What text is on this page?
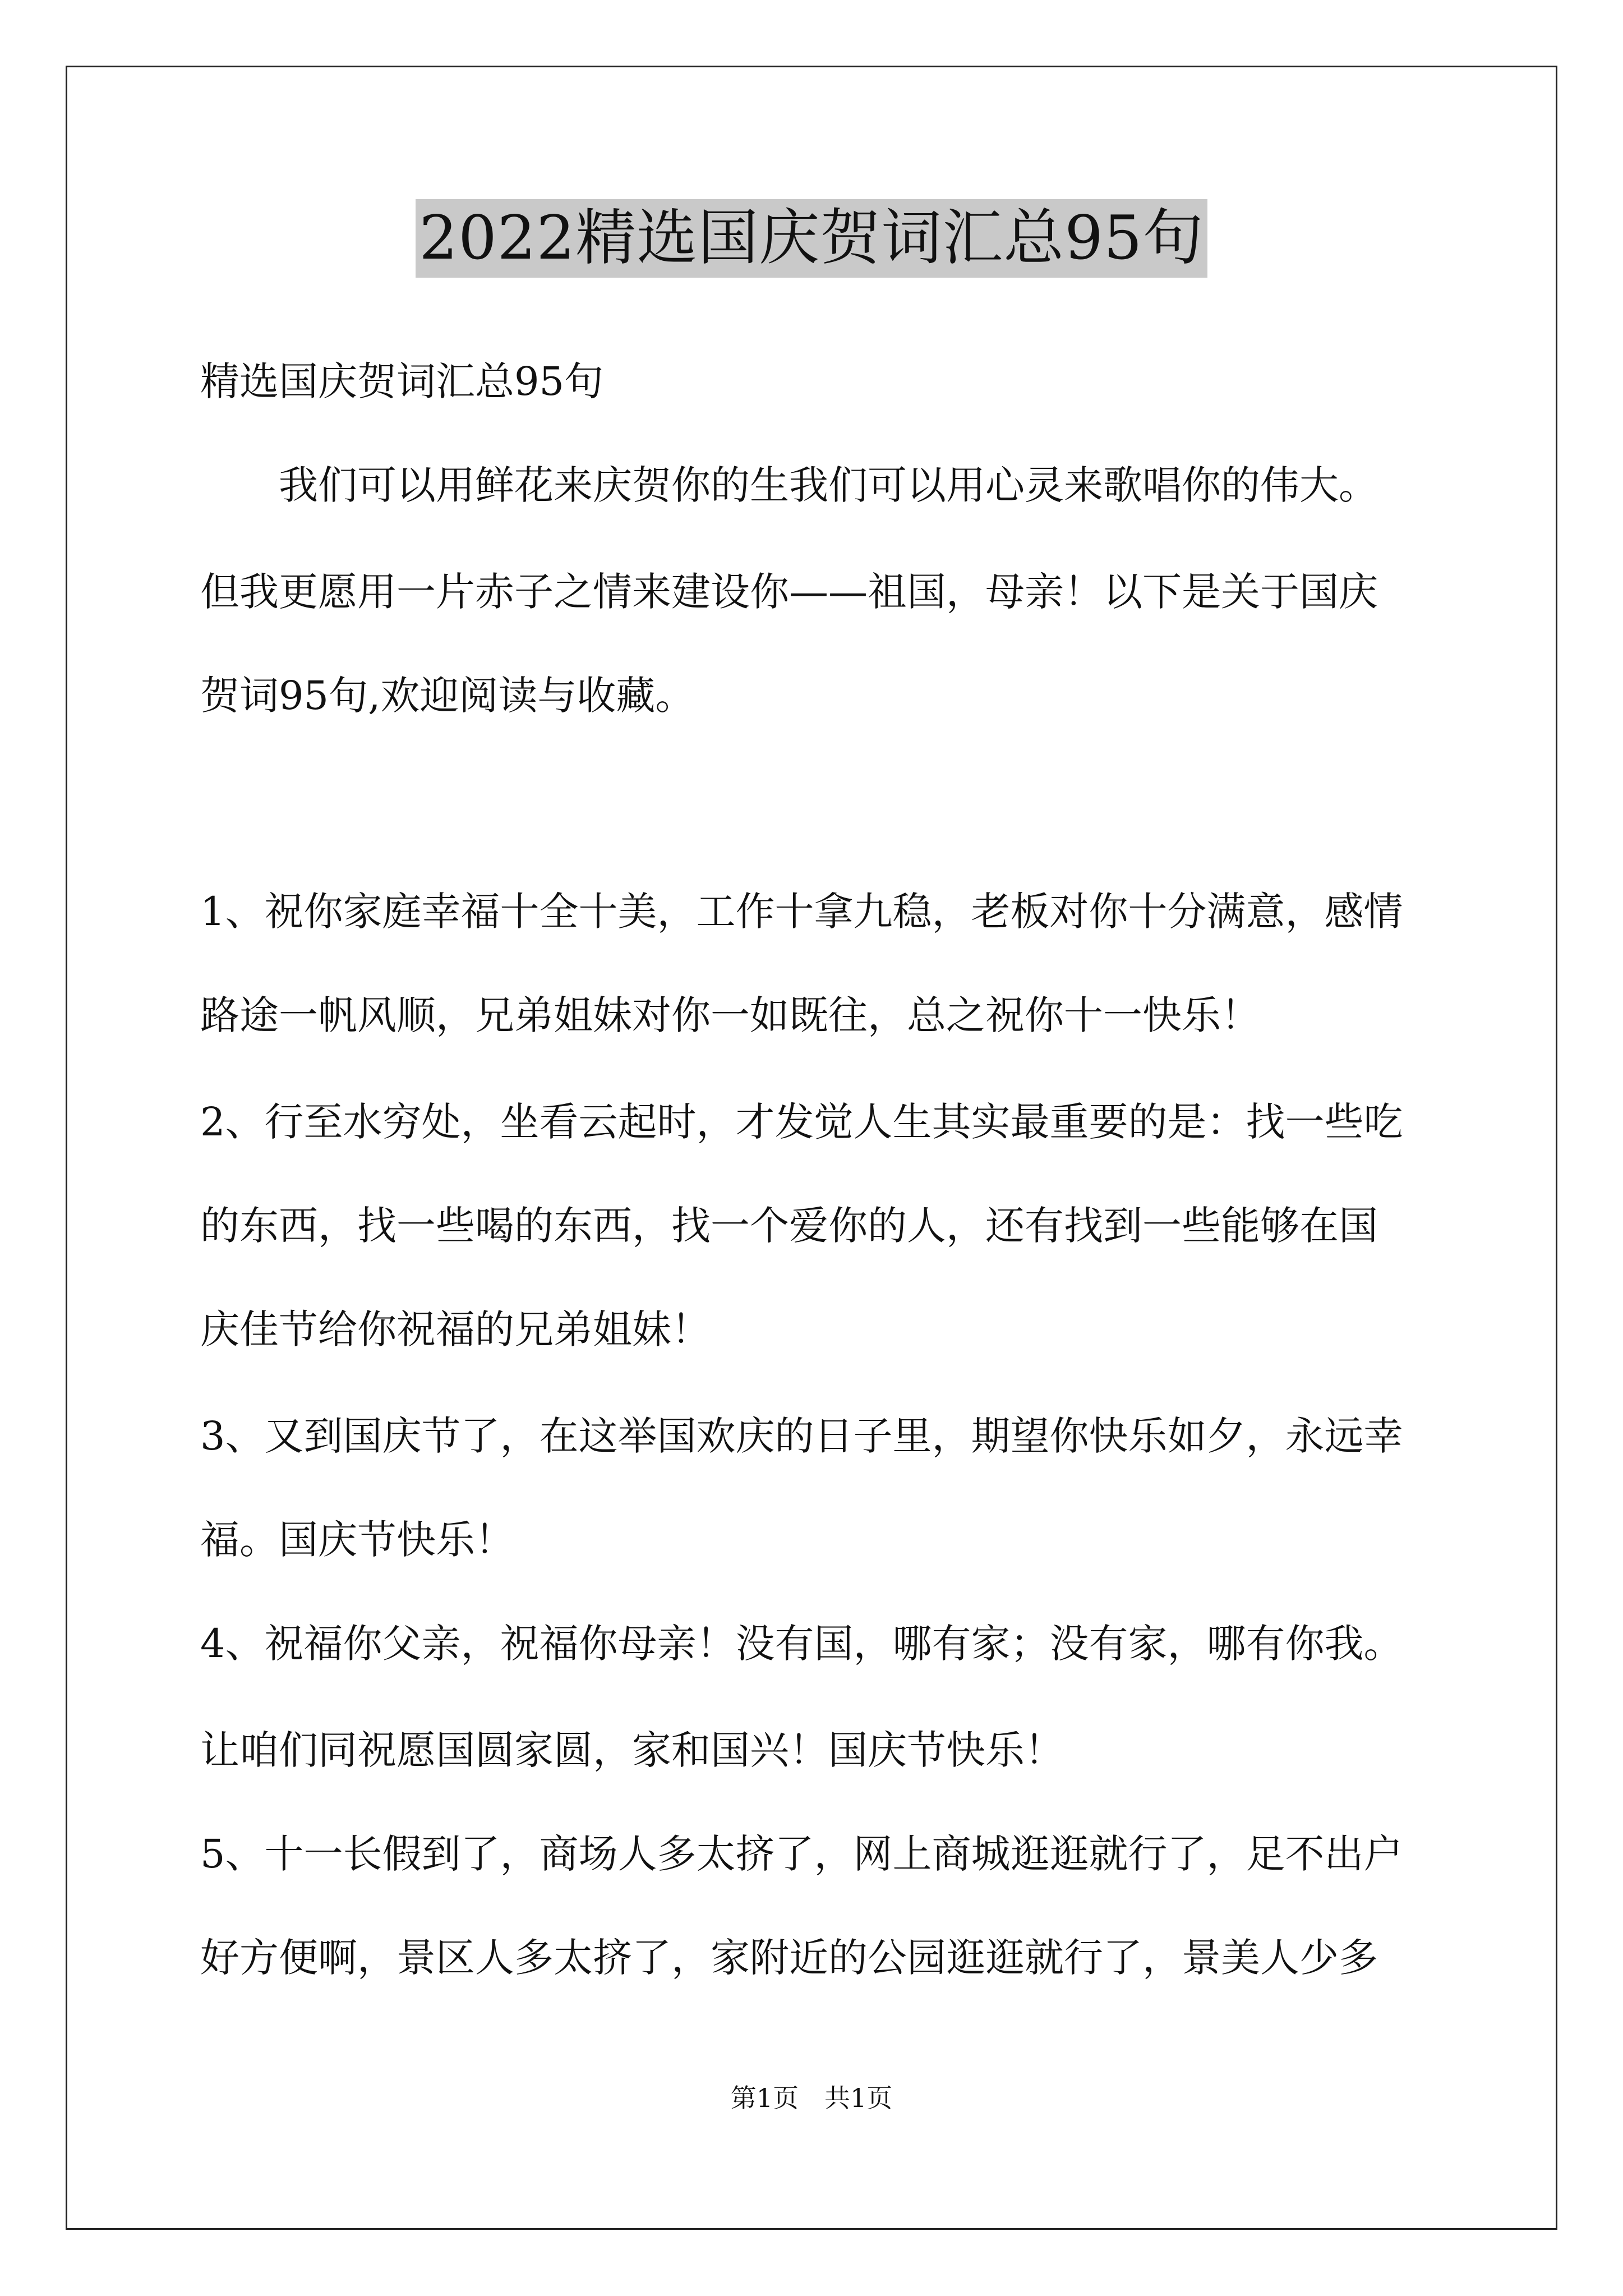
2022精选国庆贺词汇总95句

精选国庆贺词汇总95句

　　我们可以用鲜花来庆贺你的生我们可以用心灵来歌唱你的伟大。

但我更愿用一片赤子之情来建设你——祖国，母亲！以下是关于国庆

贺词95句,欢迎阅读与收藏。

1、祝你家庭幸福十全十美，工作十拿九稳，老板对你十分满意，感情

路途一帆风顺，兄弟姐妹对你一如既往，总之祝你十一快乐！

2、行至水穷处，坐看云起时，才发觉人生其实最重要的是：找一些吃

的东西，找一些喝的东西，找一个爱你的人，还有找到一些能够在国

庆佳节给你祝福的兄弟姐妹！

3、又到国庆节了，在这举国欢庆的日子里，期望你快乐如夕，永远幸

福。国庆节快乐！

4、祝福你父亲，祝福你母亲！没有国，哪有家；没有家，哪有你我。

让咱们同祝愿国圆家圆，家和国兴！国庆节快乐！

5、十一长假到了，商场人多太挤了，网上商城逛逛就行了，足不出户

好方便啊，景区人多太挤了，家附近的公园逛逛就行了，景美人少多

第1页　共1页
